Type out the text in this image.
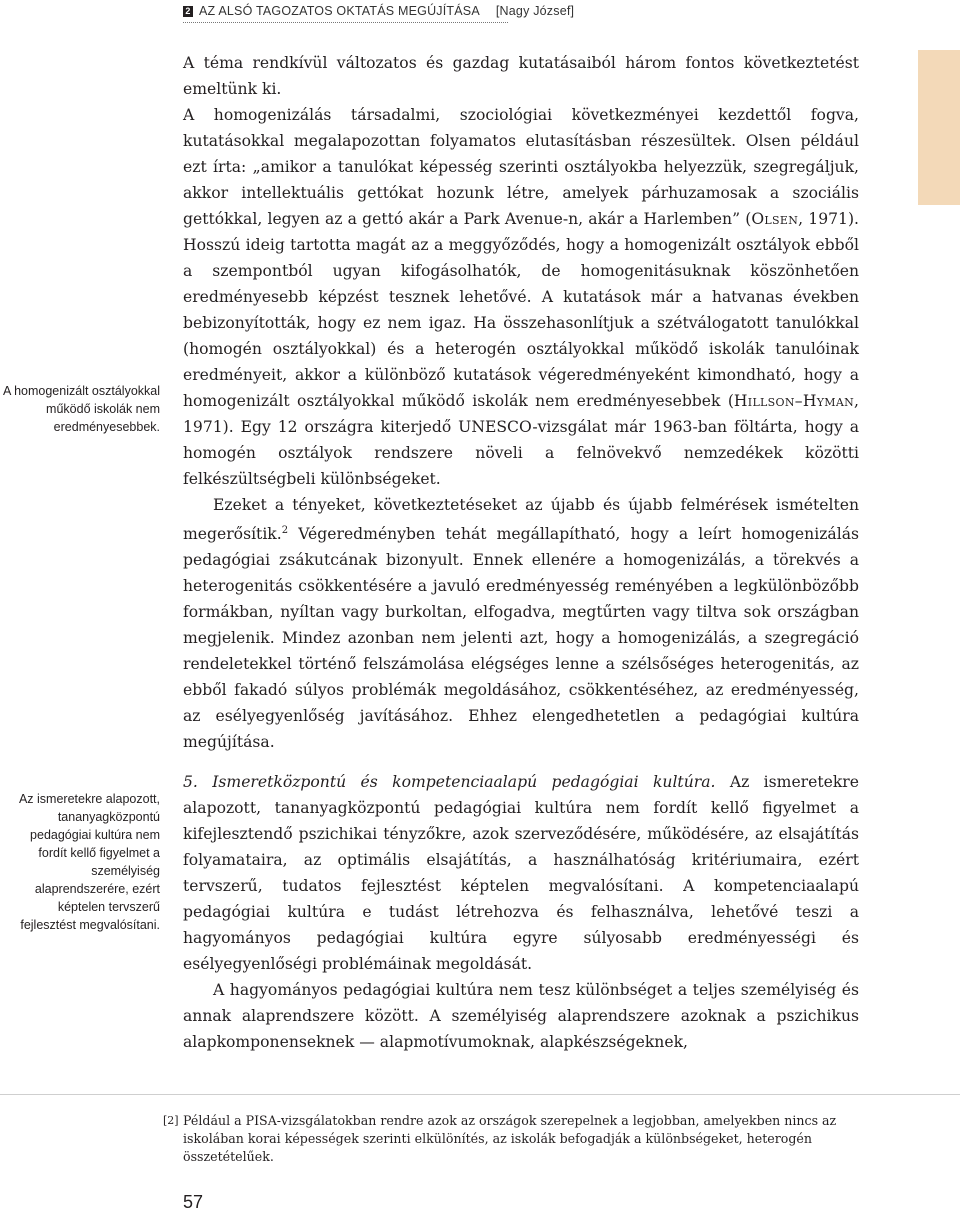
2 AZ ALSÓ TAGOZATOS OKTATÁS MEGÚJÍTÁSA [Nagy József]
A homogenizált osztályokkal működő iskolák nem eredményesebbek.
Az ismeretekre alapozott, tananyagközpontú pedagógiai kultúra nem fordít kellő figyelmet a személyiség alaprendszerére, ezért képtelen tervszerű fejlesztést megvalósítani.

A téma rendkívül változatos és gazdag kutatásaiból három fontos következtetést emeltünk ki.

A homogenizálás társadalmi, szociológiai következményei kezdettől fogva, kutatásokkal megalapozottan folyamatos elutasításban részesültek. Olsen például ezt írta: „amikor a tanulókat képesség szerinti osztályokba helyezzük, szegregáljuk, akkor intellektuális gettókat hozunk létre, amelyek párhuzamosak a szociális gettókkal, legyen az a gettó akár a Park Avenue-n, akár a Harlemben” (Olsen, 1971). Hosszú ideig tartotta magát az a meggyőződés, hogy a homogenizált osztályok ebből a szempontból ugyan kifogásolhatók, de homogenitásuknak köszönhetően eredményesebb képzést tesznek lehetővé. A kutatások már a hatvanas években bebizonyították, hogy ez nem igaz. Ha összehasonlítjuk a szétválogatott tanulókkal (homogén osztályokkal) és a heterogén osztályokkal működő iskolák tanulóinak eredményeit, akkor a különböző kutatások végeredményeként kimondható, hogy a homogenizált osztályokkal működő iskolák nem eredményesebbek (Hillson–Hyman, 1971). Egy 12 országra kiterjedő UNESCO-vizsgálat már 1963-ban föltárta, hogy a homogén osztályok rendszere növeli a felnövekvő nemzedékek közötti felkészültségbeli különbségeket.

Ezeket a tényeket, következtetéseket az újabb és újabb felmérések ismételten megerősítik.$^2$ Végeredményben tehát megállapítható, hogy a leírt homogenizálás pedagógiai zsákutcának bizonyult. Ennek ellenére a homogenizálás, a törekvés a heterogenitás csökkentésére a javuló eredményesség reményében a legkülönbözőbb formákban, nyíltan vagy burkoltan, elfogadva, megtűrten vagy tiltva sok országban megjelenik. Mindez azonban nem jelenti azt, hogy a homogenizálás, a szegregáció rendeletekkel történő felszámolása elégséges lenne a szélsőséges heterogenitás, az ebből fakadó súlyos problémák megoldásához, csökkentéséhez, az eredményesség, az esélyegyenlőség javításához. Ehhez elengedhetetlen a pedagógiai kultúra megújítása.

5. Ismeretközpontú és kompetenciaalapú pedagógiai kultúra. Az ismeretekre alapozott, tananyagközpontú pedagógiai kultúra nem fordít kellő figyelmet a kifejlesztendő pszichikai tényzőkre, azok szerveződésére, működésére, az elsajátítás folyamataira, az optimális elsajátítás, a használhatóság kritériumaira, ezért tervszerű, tudatos fejlesztést képtelen megvalósítani. A kompetenciaalapú pedagógiai kultúra e tudást létrehozva és felhasználva, lehetővé teszi a hagyományos pedagógiai kultúra egyre súlyosabb eredményességi és esélyegyenlőségi problémáinak megoldását.

A hagyományos pedagógiai kultúra nem tesz különbséget a teljes személyiség és annak alaprendszere között. A személyiség alaprendszere azoknak a pszichikus alapkomponenseknek — alapmotívumoknak, alapkészségeknek,

[2] Például a PISA-vizsgálatokban rendre azok az országok szerepelnek a legjobban, amelyekben nincs az iskolában korai képességek szerinti elkülönítés, az iskolák befogadják a különbségeket, heterogén összetételűek.
57
